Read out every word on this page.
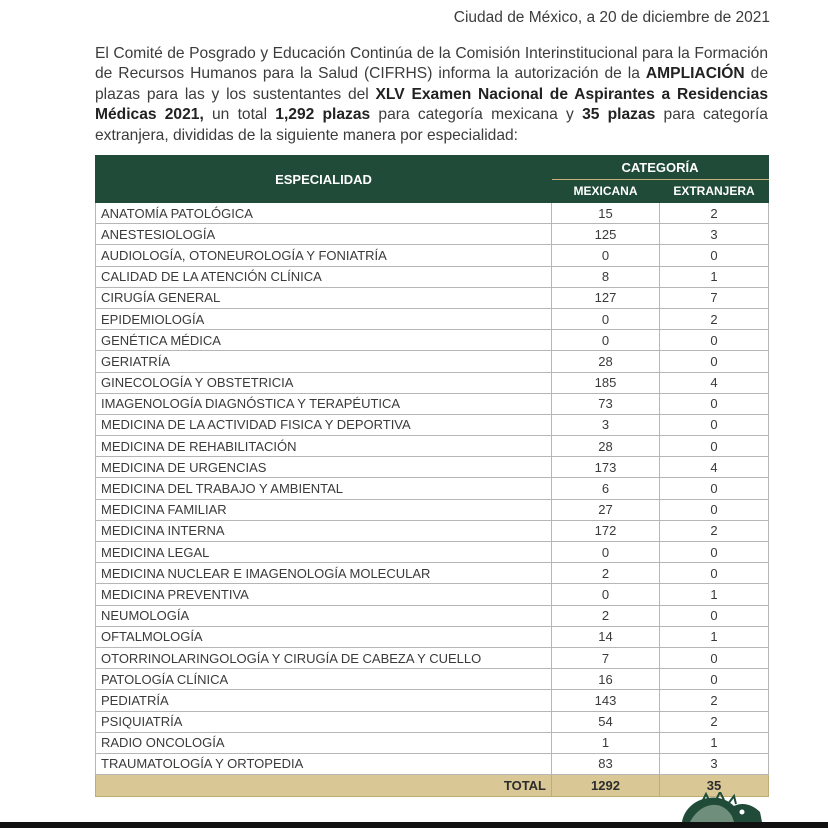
Ciudad de México, a 20 de diciembre de 2021
El Comité de Posgrado y Educación Continúa de la Comisión Interinstitucional para la Formación de Recursos Humanos para la Salud (CIFRHS) informa la autorización de la AMPLIACIÓN de plazas para las y los sustentantes del XLV Examen Nacional de Aspirantes a Residencias Médicas 2021, un total 1,292 plazas para categoría mexicana y 35 plazas para categoría extranjera, divididas de la siguiente manera por especialidad:
ESPECIALIDAD	CATEGORÍA	
	MEXICANA	EXTRANJERA
ANATOMÍA PATOLÓGICA	15	2
ANESTESIOLOGÍA	125	3
AUDIOLOGÍA, OTONEUROLOGÍA Y FONIATRÍA	0	0
CALIDAD DE LA ATENCIÓN CLÍNICA	8	1
CIRUGÍA GENERAL	127	7
EPIDEMIOLOGÍA	0	2
GENÉTICA MÉDICA	0	0
GERIATRÍA	28	0
GINECOLOGÍA Y OBSTETRICIA	185	4
IMAGENOLOGÍA DIAGNÓSTICA Y TERAPÉUTICA	73	0
MEDICINA DE LA ACTIVIDAD FISICA Y DEPORTIVA	3	0
MEDICINA DE REHABILITACIÓN	28	0
MEDICINA DE URGENCIAS	173	4
MEDICINA DEL TRABAJO Y AMBIENTAL	6	0
MEDICINA FAMILIAR	27	0
MEDICINA INTERNA	172	2
MEDICINA LEGAL	0	0
MEDICINA NUCLEAR E IMAGENOLOGÍA MOLECULAR	2	0
MEDICINA PREVENTIVA	0	1
NEUMOLOGÍA	2	0
OFTALMOLOGÍA	14	1
OTORRINOLARINGOLOGÍA Y CIRUGÍA DE CABEZA Y CUELLO	7	0
PATOLOGÍA CLÍNICA	16	0
PEDIATRÍA	143	2
PSIQUIATRÍA	54	2
RADIO ONCOLOGÍA	1	1
TRAUMATOLOGÍA Y ORTOPEDIA	83	3
TOTAL	1292	35
